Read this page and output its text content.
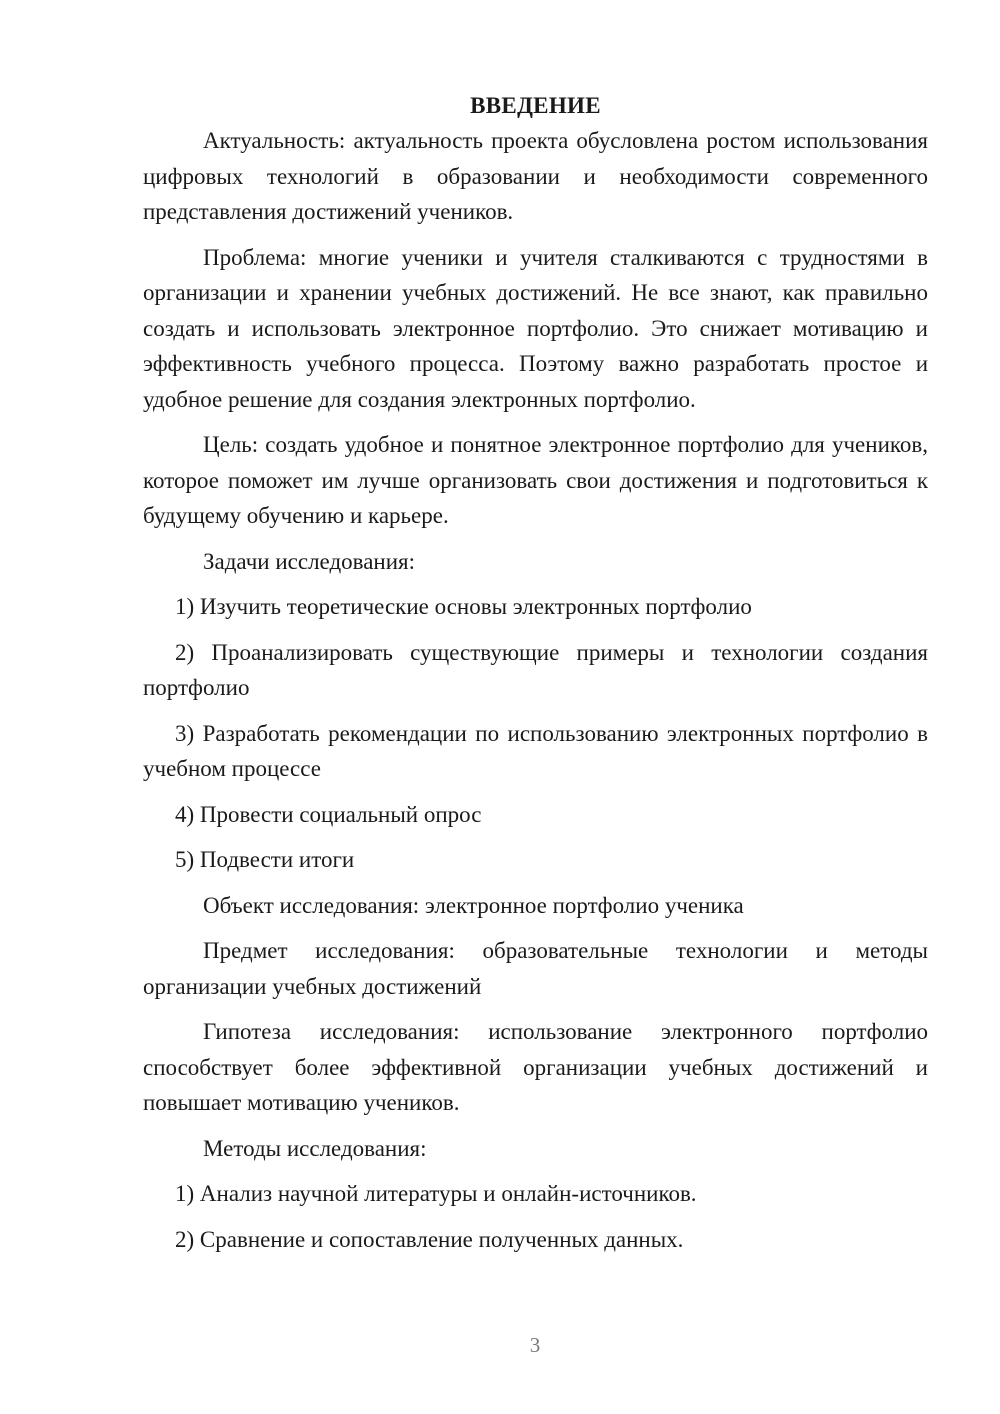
ВВЕДЕНИЕ

Актуальность: актуальность проекта обусловлена ростом использования цифровых технологий в образовании и необходимости современного представления достижений учеников.

Проблема: многие ученики и учителя сталкиваются с трудностями в организации и хранении учебных достижений. Не все знают, как правильно создать и использовать электронное портфолио. Это снижает мотивацию и эффективность учебного процесса. Поэтому важно разработать простое и удобное решение для создания электронных портфолио.

Цель: создать удобное и понятное электронное портфолио для учеников, которое поможет им лучше организовать свои достижения и подготовиться к будущему обучению и карьере.

Задачи исследования:

1) Изучить теоретические основы электронных портфолио

2) Проанализировать существующие примеры и технологии создания портфолио

3) Разработать рекомендации по использованию электронных портфолио в учебном процессе

4) Провести социальный опрос

5) Подвести итоги

Объект исследования: электронное портфолио ученика

Предмет исследования: образовательные технологии и методы организации учебных достижений

Гипотеза исследования: использование электронного портфолио способствует более эффективной организации учебных достижений и повышает мотивацию учеников.

Методы исследования:

1) Анализ научной литературы и онлайн-источников.

2) Сравнение и сопоставление полученных данных.

3
